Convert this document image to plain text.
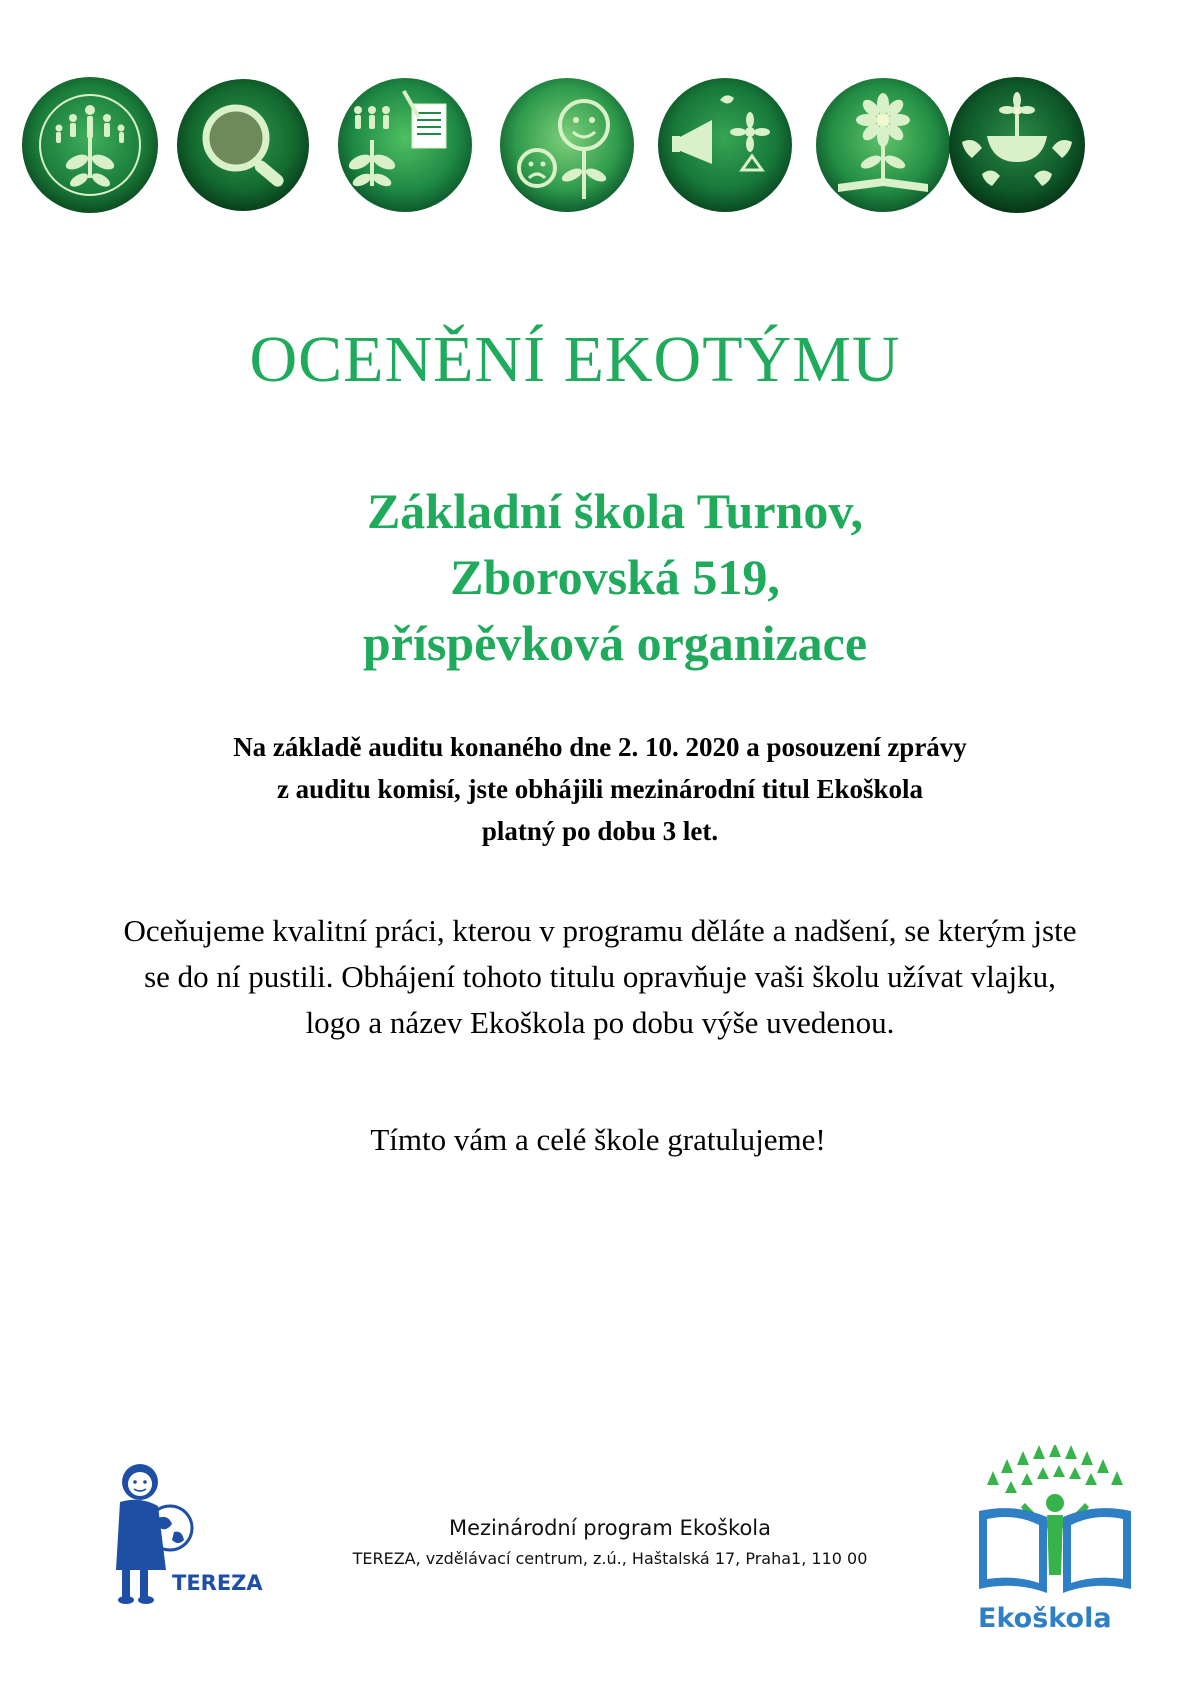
OCENĚNÍ EKOTÝMU
Základní škola Turnov,
Zborovská 519,
příspěvková organizace
Na základě auditu konaného dne 2. 10. 2020 a posouzení zprávy
z auditu komisí, jste obhájili mezinárodní titul Ekoškola
platný po dobu 3 let.
Oceňujeme kvalitní práci, kterou v programu děláte a nadšení, se kterým jste
se do ní pustili. Obhájení tohoto titulu opravňuje vaši školu užívat vlajku,
logo a název Ekoškola po dobu výše uvedenou.
Tímto vám a celé škole gratulujeme!
TEREZA
Mezinárodní program Ekoškola
TEREZA, vzdělávací centrum, z.ú., Haštalská 17, Praha1, 110 00
Ekoškola
